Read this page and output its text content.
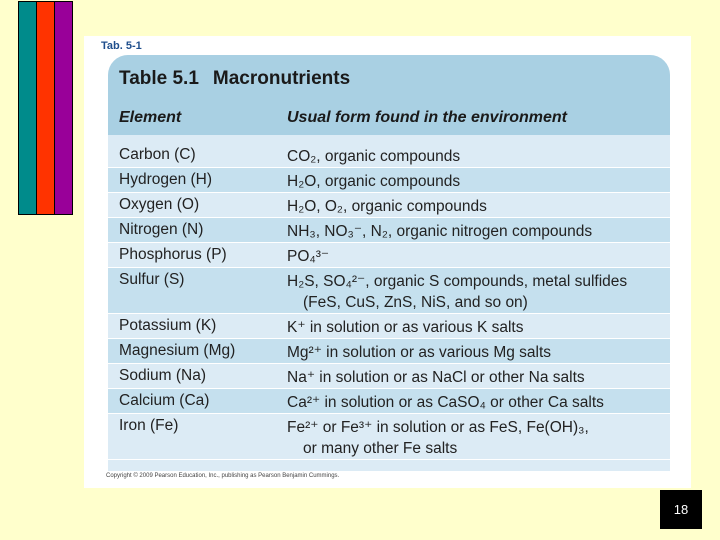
Tab. 5-1
Table 5.1 Macronutrients
Element	Usual form found in the environment
Carbon (C)	CO₂, organic compounds
Hydrogen (H)	H₂O, organic compounds
Oxygen (O)	H₂O, O₂, organic compounds
Nitrogen (N)	NH₃, NO₃⁻, N₂, organic nitrogen compounds
Phosphorus (P)	PO₄³⁻
Sulfur (S)	H₂S, SO₄²⁻, organic S compounds, metal sulfides
(FeS, CuS, ZnS, NiS, and so on)
Potassium (K)	K⁺ in solution or as various K salts
Magnesium (Mg)	Mg²⁺ in solution or as various Mg salts
Sodium (Na)	Na⁺ in solution or as NaCl or other Na salts
Calcium (Ca)	Ca²⁺ in solution or as CaSO₄ or other Ca salts
Iron (Fe)	Fe²⁺ or Fe³⁺ in solution or as FeS, Fe(OH)₃,
or many other Fe salts
Copyright © 2009 Pearson Education, Inc., publishing as Pearson Benjamin Cummings.
18
